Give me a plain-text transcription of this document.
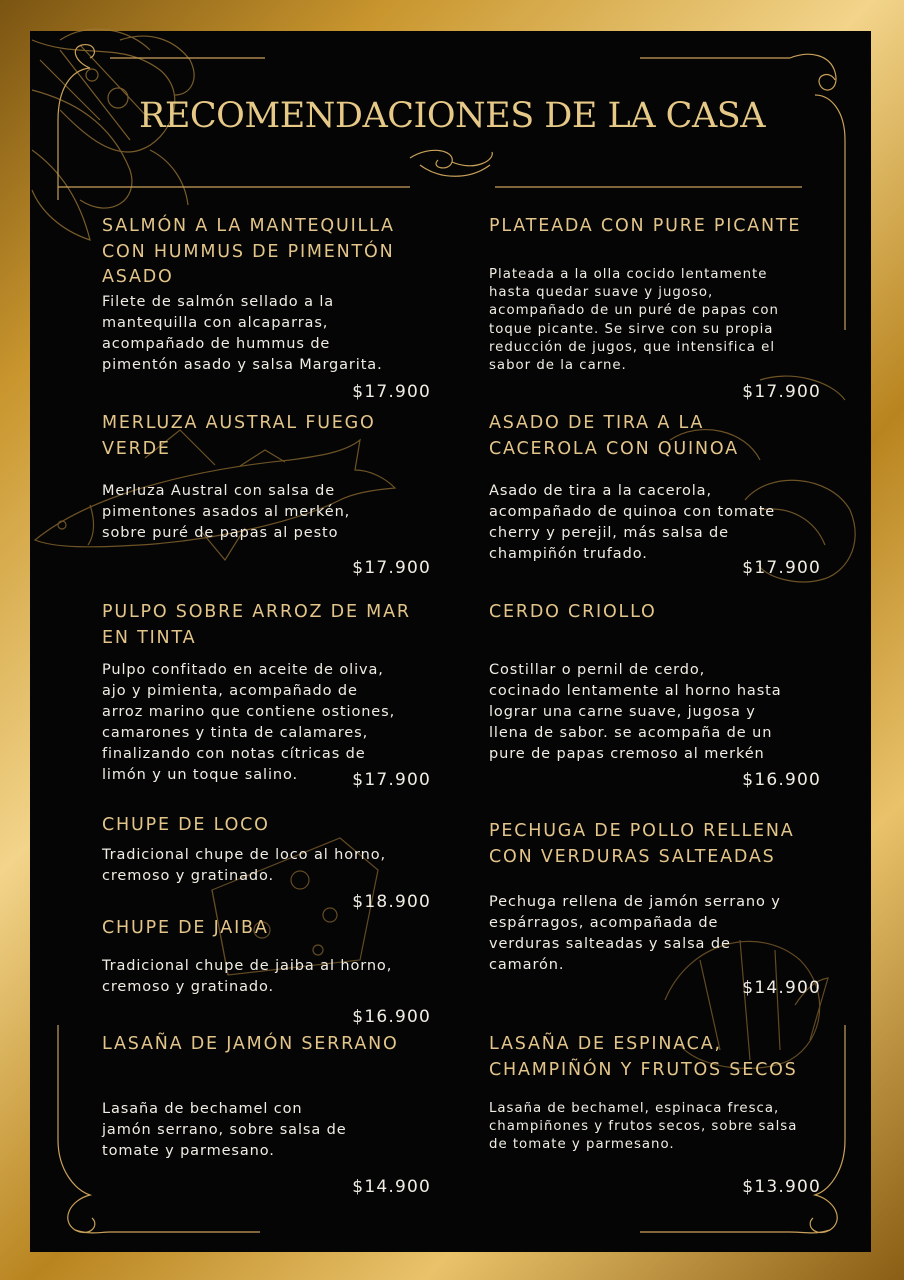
RECOMENDACIONES DE LA CASA
SALMÓN A LA MANTEQUILLA
CON HUMMUS DE PIMENTÓN
ASADO

Filete de salmón sellado a la
mantequilla con alcaparras,
acompañado de hummus de
pimentón asado y salsa Margarita.

$17.900

PLATEADA CON PURE PICANTE

Plateada a la olla cocido lentamente
hasta quedar suave y jugoso,
acompañado de un puré de papas con
toque picante. Se sirve con su propia
reducción de jugos, que intensifica el
sabor de la carne.

$17.900

MERLUZA AUSTRAL FUEGO
VERDE

Merluza Austral con salsa de
pimentones asados al merkén,
sobre puré de papas al pesto

$17.900

ASADO DE TIRA A LA
CACEROLA CON QUINOA

Asado de tira a la cacerola,
acompañado de quinoa con tomate
cherry y perejil, más salsa de
champiñón trufado.

$17.900

PULPO SOBRE ARROZ DE MAR
EN TINTA

Pulpo confitado en aceite de oliva,
ajo y pimienta, acompañado de
arroz marino que contiene ostiones,
camarones y tinta de calamares,
finalizando con notas cítricas de
limón y un toque salino.	$17.900

CERDO CRIOLLO

Costillar o pernil de cerdo,
cocinado lentamente al horno hasta
lograr una carne suave, jugosa y
llena de sabor. se acompaña de un
pure de papas cremoso al merkén

$16.900

CHUPE DE LOCO

Tradicional chupe de loco al horno,
cremoso y gratinado.

$18.900

PECHUGA DE POLLO RELLENA
CON VERDURAS SALTEADAS

Pechuga rellena de jamón serrano y
espárragos, acompañada de
verduras salteadas y salsa de
camarón.

$14.900

CHUPE DE JAIBA

Tradicional chupe de jaiba al horno,
cremoso y gratinado.

$16.900

LASAÑA DE JAMÓN SERRANO

Lasaña de bechamel con
jamón serrano, sobre salsa de
tomate y parmesano.

$14.900

LASAÑA DE ESPINACA,
CHAMPIÑÓN Y FRUTOS SECOS

Lasaña de bechamel, espinaca fresca,
champiñones y frutos secos, sobre salsa
de tomate y parmesano.

$13.900
